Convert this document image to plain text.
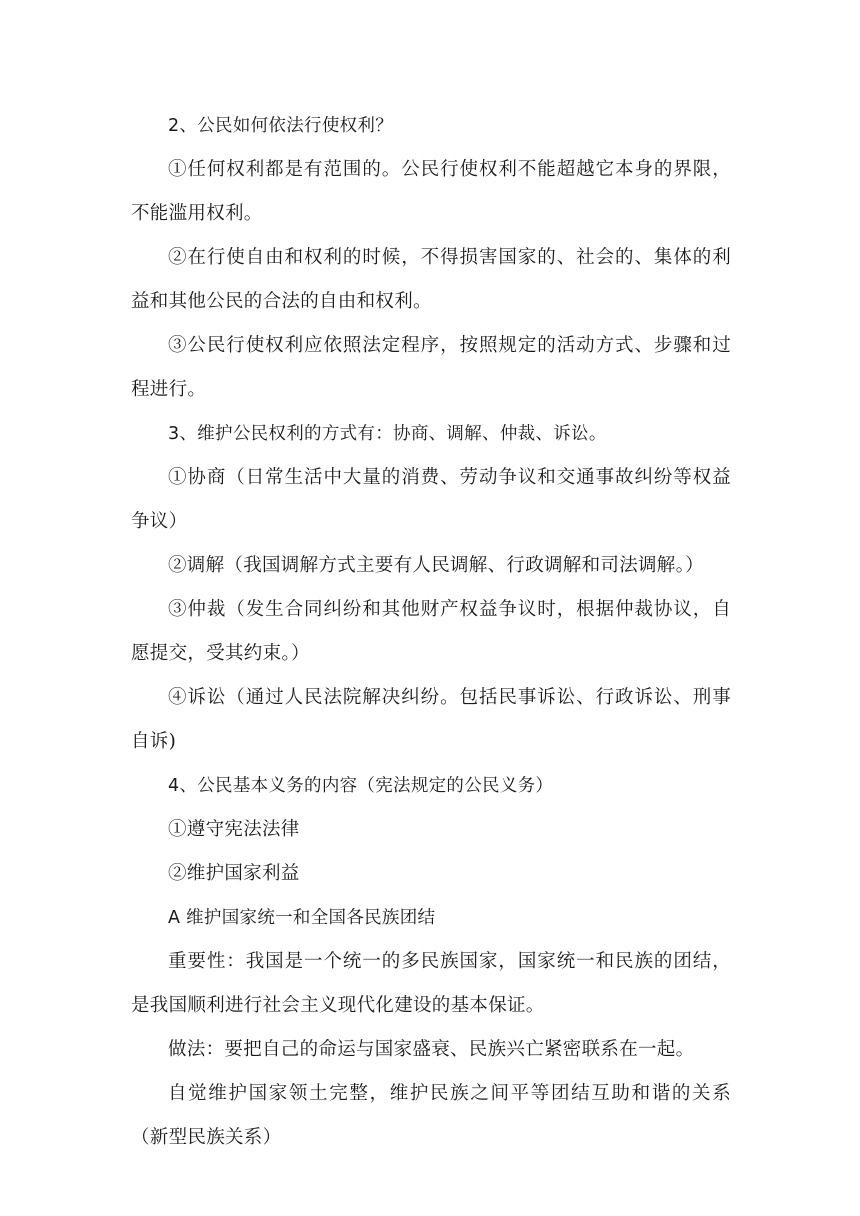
2、公民如何依法行使权利？

①任何权利都是有范围的。公民行使权利不能超越它本身的界限，不能滥用权利。

②在行使自由和权利的时候，不得损害国家的、社会的、集体的利益和其他公民的合法的自由和权利。

③公民行使权利应依照法定程序，按照规定的活动方式、步骤和过程进行。

3、维护公民权利的方式有：协商、调解、仲裁、诉讼。

①协商（日常生活中大量的消费、劳动争议和交通事故纠纷等权益争议）

②调解（我国调解方式主要有人民调解、行政调解和司法调解。）

③仲裁（发生合同纠纷和其他财产权益争议时，根据仲裁协议，自愿提交，受其约束。）

④诉讼（通过人民法院解决纠纷。包括民事诉讼、行政诉讼、刑事自诉)

4、公民基本义务的内容（宪法规定的公民义务）

①遵守宪法法律

②维护国家利益

A 维护国家统一和全国各民族团结

重要性：我国是一个统一的多民族国家，国家统一和民族的团结，是我国顺利进行社会主义现代化建设的基本保证。

做法：要把自己的命运与国家盛衰、民族兴亡紧密联系在一起。

自觉维护国家领土完整，维护民族之间平等团结互助和谐的关系（新型民族关系）
